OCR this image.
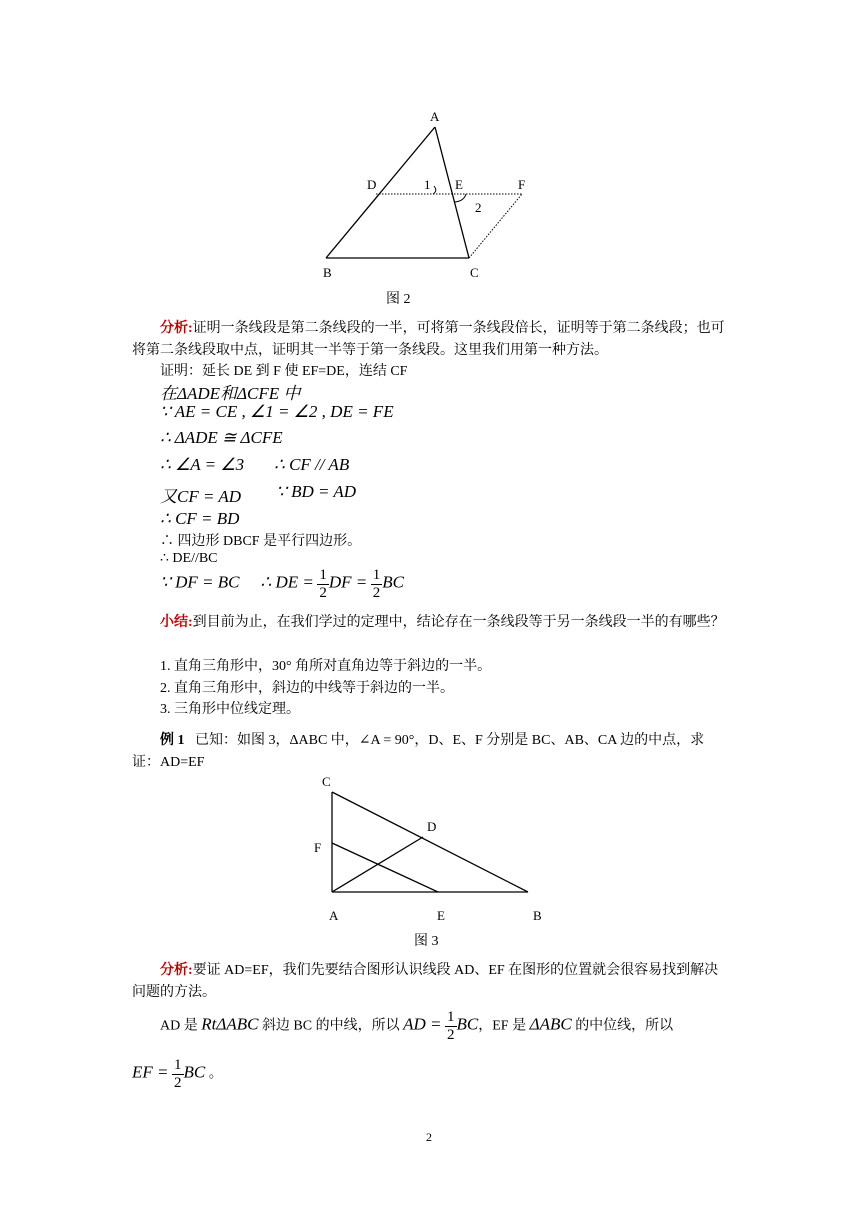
A
D	1 E	F
2
B	C
图 2
分析:证明一条线段是第二条线段的一半，可将第一条线段倍长，证明等于第二条线段；也可将第二条线段取中点，证明其一半等于第一条线段。这里我们用第一种方法。
证明：延长 DE 到 F 使 EF=DE，连结 CF
在ΔADE和ΔCFE 中
∵ AE = CE , ∠1 = ∠2 , DE = FE
∴ ΔADE ≅ ΔCFE
∴ ∠A = ∠3 ∴ CF // AB
又CF = AD ∵ BD = AD
∴ CF = BD
∴ 四边形 DBCF 是平行四边形。
∴ DE//BC
∵ DF = BC ∴ DE = $\frac{1}{2}$ DF = $\frac{1}{2}$ BC
小结:到目前为止，在我们学过的定理中，结论存在一条线段等于另一条线段一半的有哪些？
1. 直角三角形中，30° 角所对直角边等于斜边的一半。
2. 直角三角形中，斜边的中线等于斜边的一半。
3. 三角形中位线定理。
例 1 已知：如图 3，ΔABC 中，∠A = 90°，D、E、F 分别是 BC、AB、CA 边的中点，求证：AD=EF
C
D
F
A	E	B
图 3
分析:要证 AD=EF，我们先要结合图形认识线段 AD、EF 在图形的位置就会很容易找到解决问题的方法。
AD 是 RtΔABC 斜边 BC 的中线，所以 AD = $\frac{1}{2}$ BC，EF 是 ΔABC 的中位线，所以
EF = $\frac{1}{2}$ BC 。
2
